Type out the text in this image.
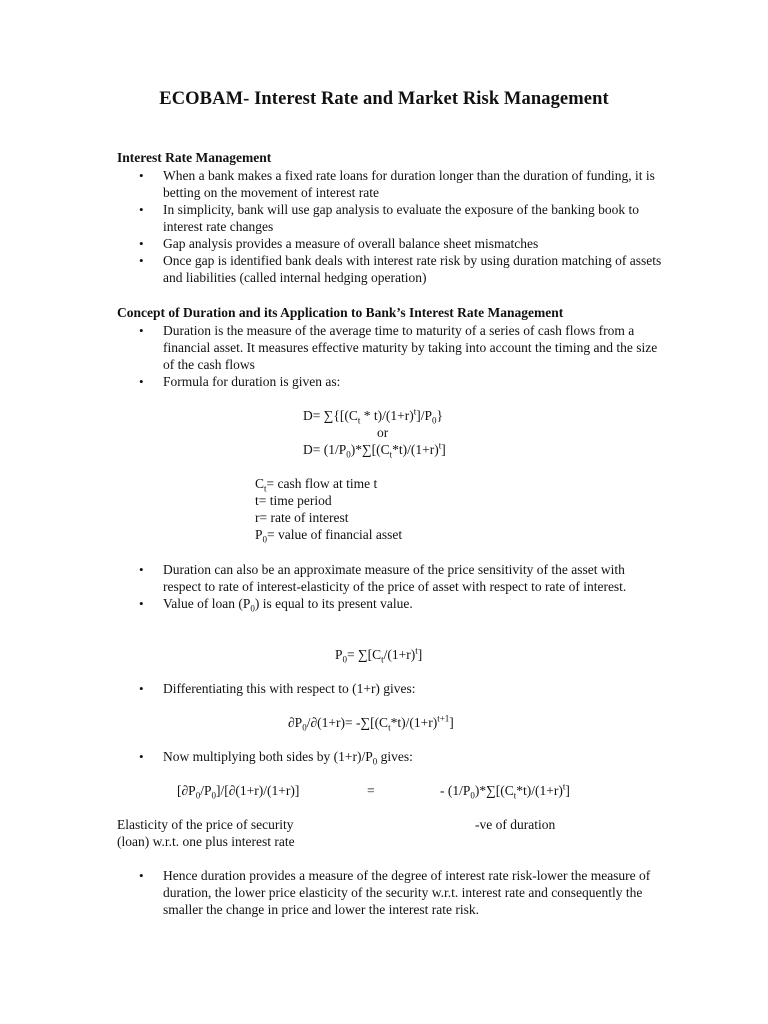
ECOBAM- Interest Rate and Market Risk Management
Interest Rate Management
• When a bank makes a fixed rate loans for duration longer than the duration of funding, it is betting on the movement of interest rate
• In simplicity, bank will use gap analysis to evaluate the exposure of the banking book to interest rate changes
• Gap analysis provides a measure of overall balance sheet mismatches
• Once gap is identified bank deals with interest rate risk by using duration matching of assets and liabilities (called internal hedging operation)
Concept of Duration and its Application to Bank’s Interest Rate Management
• Duration is the measure of the average time to maturity of a series of cash flows from a financial asset. It measures effective maturity by taking into account the timing and the size of the cash flows
• Formula for duration is given as:
$D= \sum\{[(C_t * t)/(1+r)^t]/P_0\}$
or
$D= (1/P_0)*\sum[(C_t*t)/(1+r)^t]$
$C_t=$ cash flow at time t
t= time period
r= rate of interest
$P_0=$ value of financial asset
• Duration can also be an approximate measure of the price sensitivity of the asset with respect to rate of interest-elasticity of the price of asset with respect to rate of interest.
• Value of loan $(P_0)$ is equal to its present value.
$P_0= \sum[C_t/(1+r)^t]$
• Differentiating this with respect to (1+r) gives:
$\partial P_0/\partial(1+r)= -\sum[(C_t*t)/(1+r)^{t+1}]$
• Now multiplying both sides by $(1+r)/P_0$ gives:
$[\partial P_0/P_0]/[\partial(1+r)/(1+r)]$	=	- $(1/P_0)*\sum[(C_t*t)/(1+r)^t]$
Elasticity of the price of security
(loan) w.r.t. one plus interest rate
-ve of duration
• Hence duration provides a measure of the degree of interest rate risk-lower the measure of duration, the lower price elasticity of the security w.r.t. interest rate and consequently the smaller the change in price and lower the interest rate risk.
